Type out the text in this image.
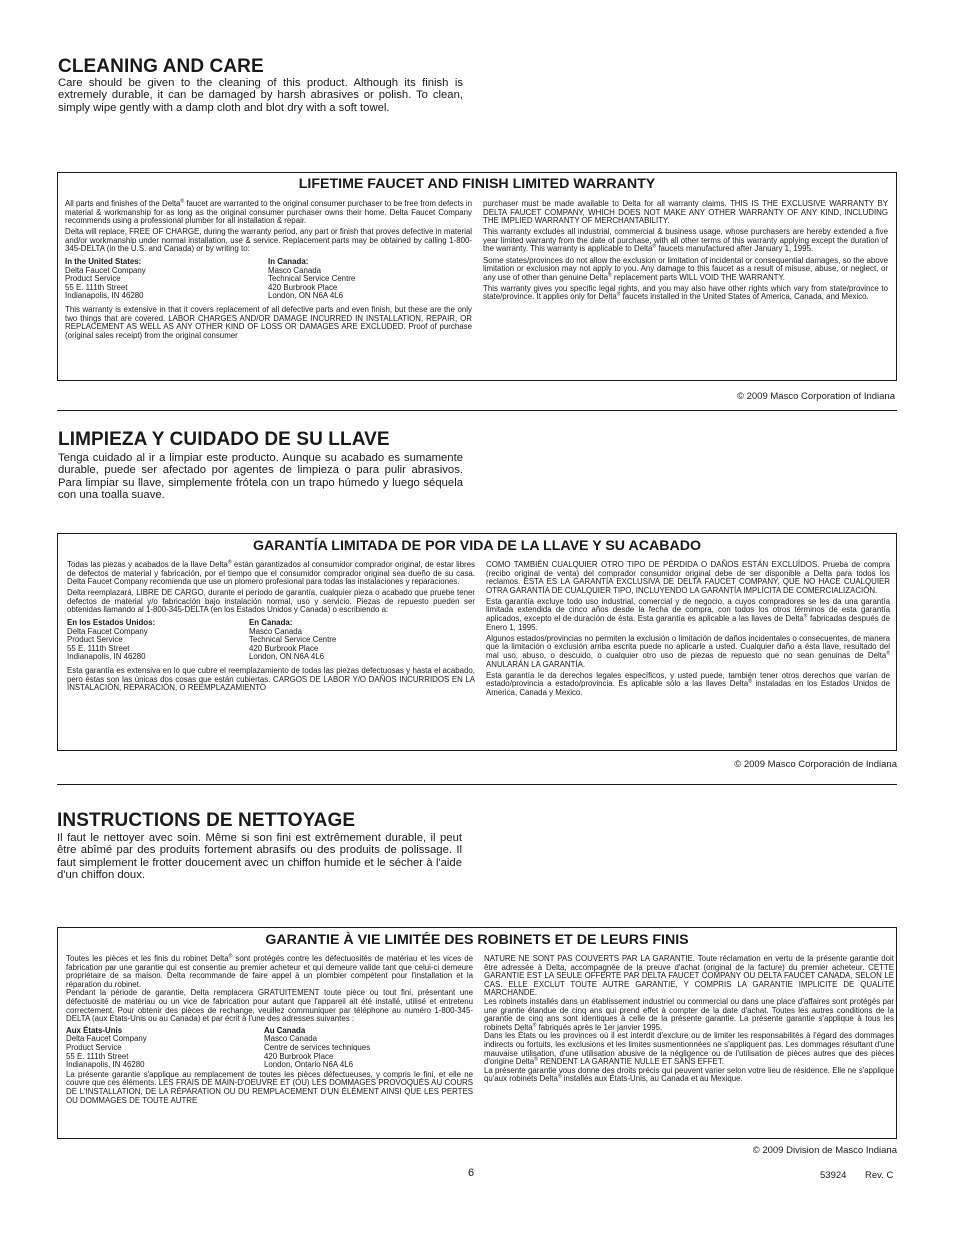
CLEANING AND CARE
Care should be given to the cleaning of this product. Although its finish is extremely durable, it can be damaged by harsh abrasives or polish. To clean, simply wipe gently with a damp cloth and blot dry with a soft towel.
LIFETIME FAUCET AND FINISH LIMITED WARRANTY

All parts and finishes of the Delta® faucet are warranted to the original consumer purchaser to be free from defects in material & workmanship for as long as the original consumer purchaser owns their home. Delta Faucet Company recommends using a professional plumber for all installation & repair.

Delta will replace, FREE OF CHARGE, during the warranty period, any part or finish that proves defective in material and/or workmanship under normal installation, use & service. Replacement parts may be obtained by calling 1-800-345-DELTA (in the U.S. and Canada) or by writing to:

In the United States:
Delta Faucet Company
Product Service
55 E. 111th Street
Indianapolis, IN 46280
In Canada:
Masco Canada
Technical Service Centre
420 Burbrook Place
London, ON N6A 4L6

This warranty is extensive in that it covers replacement of all defective parts and even finish, but these are the only two things that are covered. LABOR CHARGES AND/OR DAMAGE INCURRED IN INSTALLATION, REPAIR, OR REPLACEMENT AS WELL AS ANY OTHER KIND OF LOSS OR DAMAGES ARE EXCLUDED. Proof of purchase (original sales receipt) from the original consumer

purchaser must be made available to Delta for all warranty claims. THIS IS THE EXCLUSIVE WARRANTY BY DELTA FAUCET COMPANY, WHICH DOES NOT MAKE ANY OTHER WARRANTY OF ANY KIND, INCLUDING THE IMPLIED WARRANTY OF MERCHANTABILITY.

This warranty excludes all industrial, commercial & business usage, whose purchasers are hereby extended a five year limited warranty from the date of purchase, with all other terms of this warranty applying except the duration of the warranty. This warranty is applicable to Delta® faucets manufactured after January 1, 1995.

Some states/provinces do not allow the exclusion or limitation of incidental or consequential damages, so the above limitation or exclusion may not apply to you. Any damage to this faucet as a result of misuse, abuse, or neglect, or any use of other than genuine Delta® replacement parts WILL VOID THE WARRANTY.

This warranty gives you specific legal rights, and you may also have other rights which vary from state/province to state/province. It applies only for Delta® faucets installed in the United States of America, Canada, and Mexico.

© 2009 Masco Corporation of Indiana
LIMPIEZA Y CUIDADO DE SU LLAVE
Tenga cuidado al ir a limpiar este producto. Aunque su acabado es sumamente durable, puede ser afectado por agentes de limpieza o para pulir abrasivos. Para limpiar su llave, simplemente frótela con un trapo húmedo y luego séquela con una toalla suave.
GARANTÍA LIMITADA DE POR VIDA DE LA LLAVE Y SU ACABADO

Todas las piezas y acabados de la llave Delta® están garantizados al consumidor comprador original, de estar libres de defectos de material y fabricación, por el tiempo que el consumidor comprador original sea dueño de su casa. Delta Faucet Company recomienda que use un plomero profesional para todas las instalaciones y reparaciones.

Delta reemplazará, LIBRE DE CARGO, durante el período de garantía, cualquier pieza o acabado que pruebe tener defectos de material y/o fabricación bajo instalación normal, uso y servicio. Piezas de repuesto pueden ser obtenidas llamando al 1-800-345-DELTA (en los Estados Unidos y Canada) o escribiendo a:

En los Estados Unidos:
Delta Faucet Company
Product Service
55 E. 111th Street
Indianapolis, IN 46280
En Canada:
Masco Canada
Technical Service Centre
420 Burbrook Place
London, ON N6A 4L6

Esta garantía es extensiva en lo que cubre el reemplazamiento de todas las piezas defectuosas y hasta el acabado, pero éstas son las únicas dos cosas que están cubiertas. CARGOS DE LABOR Y/O DAÑOS INCURRIDOS EN LA INSTALACIÓN, REPARACIÓN, O REEMPLAZAMIENTO

COMO TAMBIÉN CUALQUIER OTRO TIPO DE PÉRDIDA O DAÑOS ESTÁN EXCLUÍDOS. Prueba de compra (recibo original de venta) del comprador consumidor original debe de ser disponible a Delta para todos los reclamos. ESTA ES LA GARANTÍA EXCLUSIVA DE DELTA FAUCET COMPANY, QUE NO HACE CUALQUIER OTRA GARANTÍA DE CUALQUIER TIPO, INCLUYENDO LA GARANTÍA IMPLÍCITA DE COMERCIALIZACIÓN.

Esta garantía excluye todo uso industrial, comercial y de negocio, a cuyos compradores se les da una garantía limitada extendida de cinco años desde la fecha de compra, con todos los otros términos de esta garantía aplicados, excepto el de duración de ésta. Esta garantía es aplicable a las llaves de Delta® fabricadas después de Enero 1, 1995.

Algunos estados/provincias no permiten la exclusión o limitación de daños incidentales o consecuentes, de manera que la limitación o exclusión arriba escrita puede no aplicarle a usted. Cualquier daño a ésta llave, resultado del mal uso, abuso, o descuido, o cualquier otro uso de piezas de repuesto que no sean genuinas de Delta® ANULARÁN LA GARANTÍA.

Esta garantía le da derechos legales específicos, y usted puede, también tener otros derechos que varían de estado/provincia a estado/provincia. Es aplicable sólo a las llaves Delta® instaladas en los Estados Unidos de America, Canada y Mexico.

© 2009 Masco Corporación de Indiana
INSTRUCTIONS DE NETTOYAGE
Il faut le nettoyer avec soin. Même si son fini est extrêmement durable, il peut être abîmé par des produits fortement abrasifs ou des produits de polissage. Il faut simplement le frotter doucement avec un chiffon humide et le sécher à l'aide d'un chiffon doux.
GARANTIE À VIE LIMITÉE DES ROBINETS ET DE LEURS FINIS

Toutes les pièces et les finis du robinet Delta® sont protégés contre les défectuosités de matériau et les vices de fabrication par une garantie qui est consentie au premier acheteur et qui demeure valide tant que celui-ci demeure propriétaire de sa maison. Delta recommande de faire appel à un plombier compétent pour l'installation et la réparation du robinet.

Pendant la période de garantie, Delta remplacera GRATUITEMENT toute pièce ou tout fini, présentant une défectuosité de matériau ou un vice de fabrication pour autant que l'appareil ait été installé, utilisé et entretenu correctement. Pour obtenir des pièces de rechange, veuillez communiquer par téléphone au numéro 1-800-345-DELTA (aux États-Unis ou au Canada) et par écrit à l'une des adresses suivantes :

Aux États-Unis
Delta Faucet Company
Product Service
55 E. 111th Street
Indianapolis, IN 46280
Au Canada
Masco Canada
Centre de services techniques
420 Burbrook Place
London, Ontario N6A 4L6

La présente garantie s'applique au remplacement de toutes les pièces défectueuses, y compris le fini, et elle ne couvre que ces éléments. LES FRAIS DE MAIN-D'OEUVRE ET (OU) LES DOMMAGES PROVOQUÉS AU COURS DE L'INSTALLATION, DE LA RÉPARATION OU DU REMPLACEMENT D'UN ÉLÉMENT AINSI QUE LES PERTES OU DOMMAGES DE TOUTE AUTRE

NATURE NE SONT PAS COUVERTS PAR LA GARANTIE. Toute réclamation en vertu de la présente garantie doit être adressée à Delta, accompagnée de la preuve d'achat (original de la facture) du premier acheteur. CETTE GARANTIE EST LA SEULE OFFERTE PAR DELTA FAUCET COMPANY OU DELTA FAUCET CANADA, SELON LE CAS. ELLE EXCLUT TOUTE AUTRE GARANTIE, Y COMPRIS LA GARANTIE IMPLICITE DE QUALITÉ MARCHANDE.

Les robinets installés dans un établissement industriel ou commercial ou dans une place d'affaires sont protégés par une grantie étandue de cinq ans qui prend effet à compter de la date d'achat. Toutes les autres conditions de la garantie de cinq ans sont identiques à celle de la présente garantie. La présente garantie s'applique à tous les robinets Delta® fabriqués après le 1er janvier 1995.

Dans les États ou les provinces où il est interdit d'exclure ou de limiter les responsabilités à l'égard des dommages indirects ou fortuits, les exclusions et les limites susmentionnées ne s'appliquent pas. Les dommages résultant d'une mauvaise utilisation, d'une utilisation abusive de la négligence ou de l'utilisation de pièces autres que des pièces d'origine Delta® RENDENT LA GARANTIE NULLE ET SANS EFFET.

La présente garantie vous donne des droits précis qui peuvent varier selon votre lieu de résidence. Elle ne s'applique qu'aux robinets Delta® installés aux États-Unis, au Canada et au Mexique.

© 2009 Division de Masco Indiana
6	53924 Rev. C
